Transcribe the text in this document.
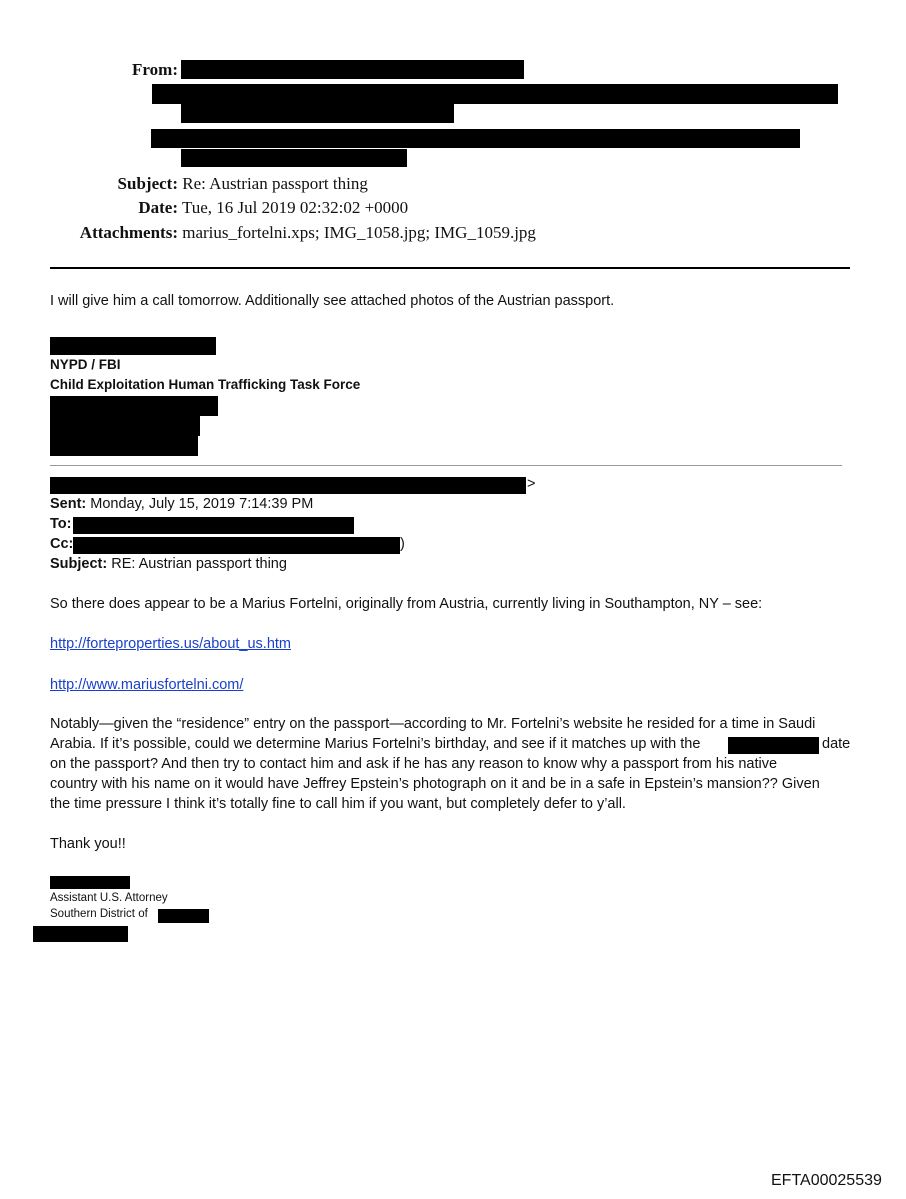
From:
Subject: Re: Austrian passport thing
Date: Tue, 16 Jul 2019 02:32:02 +0000
Attachments: marius_fortelni.xps; IMG_1058.jpg; IMG_1059.jpg
I will give him a call tomorrow. Additionally see attached photos of the Austrian passport.
NYPD / FBI
Child Exploitation Human Trafficking Task Force
>
Sent: Monday, July 15, 2019 7:14:39 PM
To:
Cc:	)
Subject: RE: Austrian passport thing
So there does appear to be a Marius Fortelni, originally from Austria, currently living in Southampton, NY – see:
http://forteproperties.us/about_us.htm
http://www.mariusfortelni.com/
Notably—given the “residence” entry on the passport—according to Mr. Fortelni’s website he resided for a time in Saudi
Arabia. If it’s possible, could we determine Marius Fortelni’s birthday, and see if it matches up with the	date
on the passport? And then try to contact him and ask if he has any reason to know why a passport from his native
country with his name on it would have Jeffrey Epstein’s photograph on it and be in a safe in Epstein’s mansion?? Given
the time pressure I think it’s totally fine to call him if you want, but completely defer to y’all.
Thank you!!
Assistant U.S. Attorney
Southern District of
EFTA00025539
